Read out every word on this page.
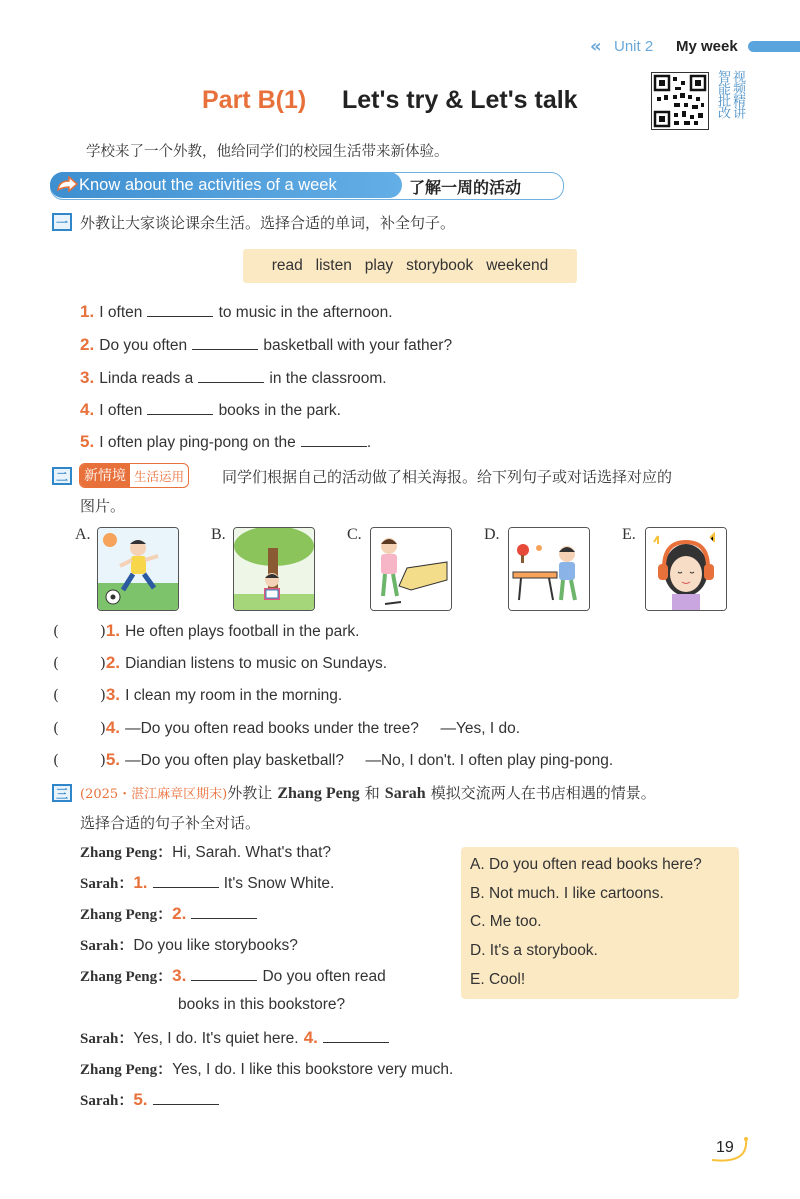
« Unit 2 My week
视频精讲 智能批改
Part B(1) Let's try & Let's talk
学校来了一个外教，他给同学们的校园生活带来新体验。
Know about the activities of a week	了解一周的活动
一 外教让大家谈论课余生活。选择合适的单词，补全句子。
read   listen   play   storybook   weekend
1. I often	to music in the afternoon.
2. Do you often	basketball with your father?
3. Linda reads a	in the classroom.
4. I often	books in the park.
5. I often play ping-pong on the	.
二 新情境 生活运用	同学们根据自己的活动做了相关海报。给下列句子或对话选择对应的
图片。
A.	B.	C.	D.	E.
(	)1. He often plays football in the park.
(	)2. Diandian listens to music on Sundays.
(	)3. I clean my room in the morning.
(	)4. —Do you often read books under the tree?     —Yes, I do.
(	)5. —Do you often play basketball?     —No, I don't. I often play ping-pong.
三 (2025・湛江麻章区期末)外教让 Zhang Peng 和 Sarah 模拟交流两人在书店相遇的情景。
选择合适的句子补全对话。
Zhang Peng：Hi, Sarah. What's that?
Sarah：1.	It's Snow White.
Zhang Peng：2.
Sarah：Do you like storybooks?
Zhang Peng：3.	Do you often read
books in this bookstore?
Sarah：Yes, I do. It's quiet here. 4.
Zhang Peng：Yes, I do. I like this bookstore very much.
Sarah：5.
A. Do you often read books here?
B. Not much. I like cartoons.
C. Me too.
D. It's a storybook.
E. Cool!
19
